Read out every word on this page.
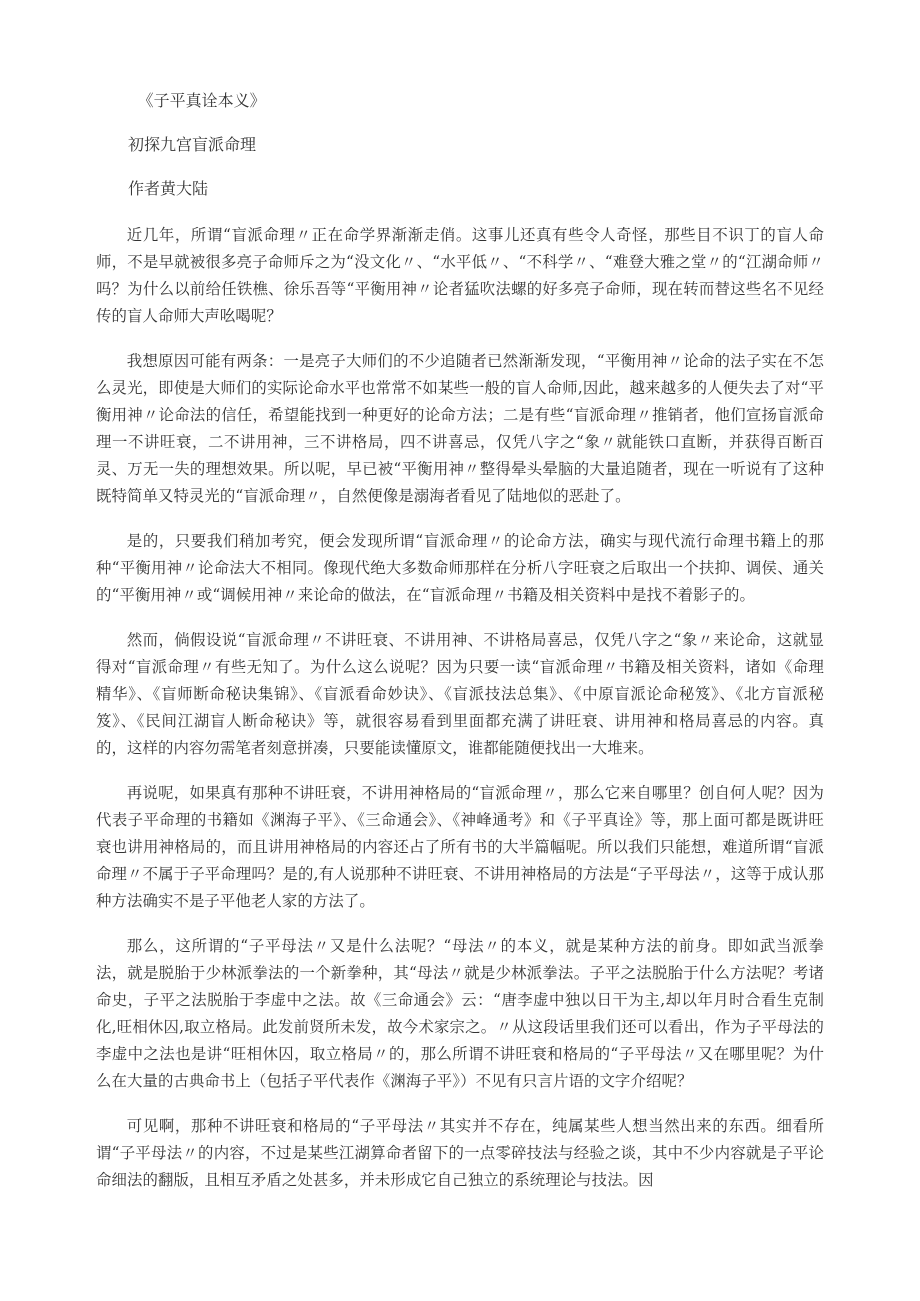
《子平真诠本义》
初探九宫盲派命理
作者黄大陆

近几年，所谓“盲派命理〃正在命学界渐渐走俏。这事儿还真有些令人奇怪，那些目不识丁的盲人命师，不是早就被很多亮子命师斥之为“没文化〃、“水平低〃、“不科学〃、“难登大雅之堂〃的“江湖命师〃吗？为什么以前给任铁樵、徐乐吾等“平衡用神〃论者猛吹法螺的好多亮子命师，现在转而替这些名不见经传的盲人命师大声吆喝呢？

我想原因可能有两条：一是亮子大师们的不少追随者已然渐渐发现，“平衡用神〃论命的法子实在不怎么灵光，即使是大师们的实际论命水平也常常不如某些一般的盲人命师,因此，越来越多的人便失去了对“平衡用神〃论命法的信任，希望能找到一种更好的论命方法；二是有些“盲派命理〃推销者，他们宣扬盲派命理一不讲旺衰，二不讲用神，三不讲格局，四不讲喜忌，仅凭八字之“象〃就能铁口直断，并获得百断百灵、万无一失的理想效果。所以呢，早已被“平衡用神〃整得晕头晕脑的大量追随者，现在一听说有了这种既特简单又特灵光的“盲派命理〃，自然便像是溺海者看见了陆地似的恶赴了。

是的，只要我们稍加考究，便会发现所谓“盲派命理〃的论命方法，确实与现代流行命理书籍上的那种“平衡用神〃论命法大不相同。像现代绝大多数命师那样在分析八字旺衰之后取出一个扶抑、调侯、通关的“平衡用神〃或“调候用神〃来论命的做法，在“盲派命理〃书籍及相关资料中是找不着影子的。

然而，倘假设说“盲派命理〃不讲旺衰、不讲用神、不讲格局喜忌，仅凭八字之“象〃来论命，这就显得对“盲派命理〃有些无知了。为什么这么说呢？因为只要一读“盲派命理〃书籍及相关资料，诸如《命理精华》、《盲师断命秘诀集锦》、《盲派看命妙诀》、《盲派技法总集》、《中原盲派论命秘笈》、《北方盲派秘笈》、《民间江湖盲人断命秘诀》等，就很容易看到里面都充满了讲旺衰、讲用神和格局喜忌的内容。真的，这样的内容勿需笔者刻意拼凑，只要能读懂原文，谁都能随便找出一大堆来。

再说呢，如果真有那种不讲旺衰，不讲用神格局的“盲派命理〃，那么它来自哪里？创自何人呢？因为代表子平命理的书籍如《渊海子平》、《三命通会》、《神峰通考》和《子平真诠》等，那上面可都是既讲旺衰也讲用神格局的，而且讲用神格局的内容还占了所有书的大半篇幅呢。所以我们只能想，难道所谓“盲派命理〃不属于子平命理吗？是的,有人说那种不讲旺衰、不讲用神格局的方法是“子平母法〃，这等于成认那种方法确实不是子平他老人家的方法了。

那么，这所谓的“子平母法〃又是什么法呢？“母法〃的本义，就是某种方法的前身。即如武当派拳法，就是脱胎于少林派拳法的一个新拳种，其“母法〃就是少林派拳法。子平之法脱胎于什么方法呢？考诸命史，子平之法脱胎于李虚中之法。故《三命通会》云：“唐李虚中独以日干为主,却以年月时合看生克制化,旺相休囚,取立格局。此发前贤所未发，故今术家宗之。〃从这段话里我们还可以看出，作为子平母法的李虚中之法也是讲“旺相休囚，取立格局〃的，那么所谓不讲旺衰和格局的“子平母法〃又在哪里呢？为什么在大量的古典命书上（包括子平代表作《渊海子平》）不见有只言片语的文字介绍呢？

可见啊，那种不讲旺衰和格局的“子平母法〃其实并不存在，纯属某些人想当然出来的东西。细看所谓“子平母法〃的内容，不过是某些江湖算命者留下的一点零碎技法与经验之谈，其中不少内容就是子平论命细法的翻版，且相互矛盾之处甚多，并未形成它自己独立的系统理论与技法。因
